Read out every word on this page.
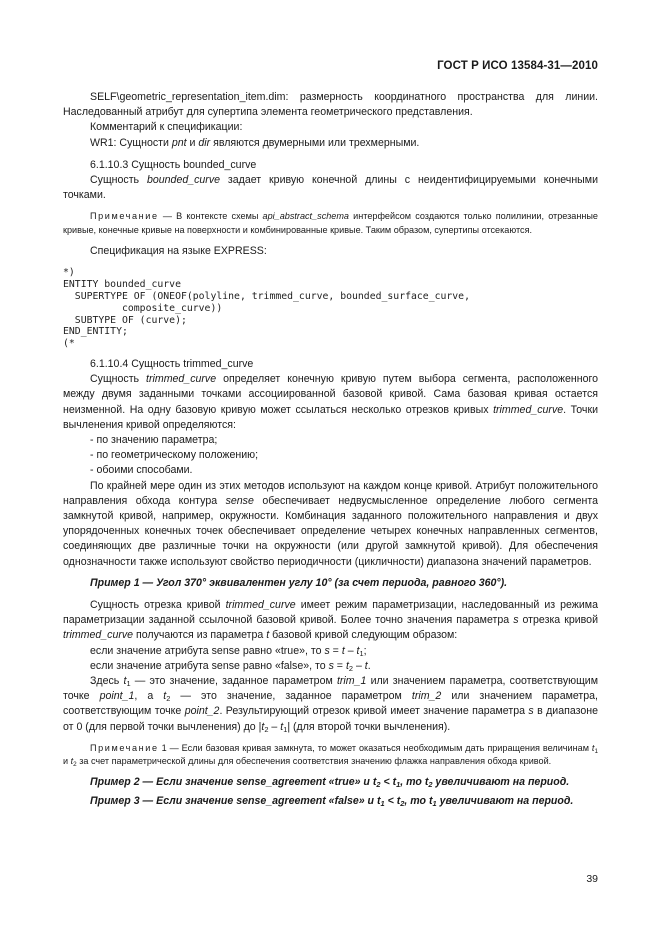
ГОСТ Р ИСО 13584-31—2010

SELF\geometric_representation_item.dim: размерность координатного пространства для линии. Наследованный атрибут для супертипа элемента геометрического представления.

Комментарий к спецификации:

WR1: Сущности pnt и dir являются двумерными или трехмерными.

6.1.10.3 Сущность bounded_curve

Сущность bounded_curve задает кривую конечной длины с неидентифицируемыми конечными точками.

Примечание — В контексте схемы api_abstract_schema интерфейсом создаются только полилинии, отрезанные кривые, конечные кривые на поверхности и комбинированные кривые. Таким образом, супертипы отсекаются.

Спецификация на языке EXPRESS:

*)
ENTITY bounded_curve
SUPERTYPE OF (ONEOF(polyline, trimmed_curve, bounded_surface_curve,
composite_curve))
SUBTYPE OF (curve);
END_ENTITY;
(*

6.1.10.4 Сущность trimmed_curve

Сущность trimmed_curve определяет конечную кривую путем выбора сегмента, расположенного между двумя заданными точками ассоциированной базовой кривой. Сама базовая кривая остается неизменной. На одну базовую кривую может ссылаться несколько отрезков кривых trimmed_curve. Точки вычленения кривой определяются:

- по значению параметра;

- по геометрическому положению;

- обоими способами.

По крайней мере один из этих методов используют на каждом конце кривой. Атрибут положительного направления обхода контура sense обеспечивает недвусмысленное определение любого сегмента замкнутой кривой, например, окружности. Комбинация заданного положительного направления и двух упорядоченных конечных точек обеспечивает определение четырех конечных направленных сегментов, соединяющих две различные точки на окружности (или другой замкнутой кривой). Для обеспечения однозначности также используют свойство периодичности (цикличности) диапазона значений параметров.

Пример 1 — Угол 370° эквивалентен углу 10° (за счет периода, равного 360°).

Сущность отрезка кривой trimmed_curve имеет режим параметризации, наследованный из режима параметризации заданной ссылочной базовой кривой. Более точно значения параметра s отрезка кривой trimmed_curve получаются из параметра t базовой кривой следующим образом:

если значение атрибута sense равно «true», то $s = t - t_1$;

если значение атрибута sense равно «false», то $s = t_2 - t$.

Здесь $t_1$ — это значение, заданное параметром trim_1 или значением параметра, соответствующим точке point_1, а $t_2$ — это значение, заданное параметром trim_2 или значением параметра, соответствующим точке point_2. Результирующий отрезок кривой имеет значение параметра s в диапазоне от 0 (для первой точки вычленения) до $|t_2 - t_1|$ (для второй точки вычленения).

Примечание 1 — Если базовая кривая замкнута, то может оказаться необходимым дать приращения величинам $t_1$ и $t_2$ за счет параметрической длины для обеспечения соответствия значению флажка направления обхода кривой.

Пример 2 — Если значение sense_agreement «true» и $t_2 < t_1$, то $t_2$ увеличивают на период.

Пример 3 — Если значение sense_agreement «false» и $t_1 < t_2$, то $t_1$ увеличивают на период.

39
